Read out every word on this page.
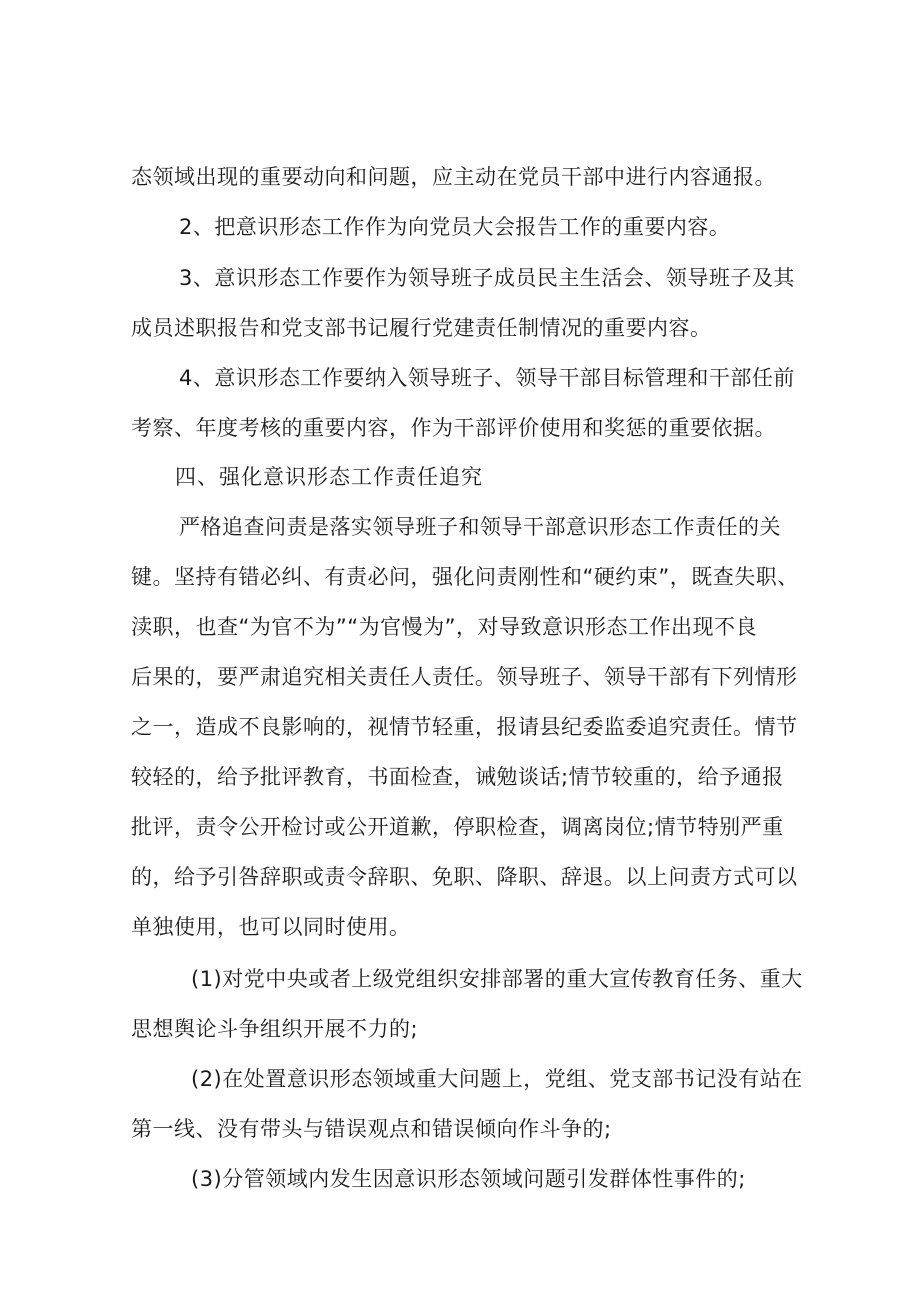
态领域出现的重要动向和问题，应主动在党员干部中进行内容通报。

2、把意识形态工作作为向党员大会报告工作的重要内容。

3、意识形态工作要作为领导班子成员民主生活会、领导班子及其

成员述职报告和党支部书记履行党建责任制情况的重要内容。

4、意识形态工作要纳入领导班子、领导干部目标管理和干部任前

考察、年度考核的重要内容，作为干部评价使用和奖惩的重要依据。

四、强化意识形态工作责任追究

严格追查问责是落实领导班子和领导干部意识形态工作责任的关

键。坚持有错必纠、有责必问，强化问责刚性和“硬约束”，既查失职、

渎职，也查“为官不为”“为官慢为”，对导致意识形态工作出现不良

后果的，要严肃追究相关责任人责任。领导班子、领导干部有下列情形

之一，造成不良影响的，视情节轻重，报请县纪委监委追究责任。情节

较轻的，给予批评教育，书面检查，诫勉谈话;情节较重的，给予通报

批评，责令公开检讨或公开道歉，停职检查，调离岗位;情节特别严重

的，给予引咎辞职或责令辞职、免职、降职、辞退。以上问责方式可以

单独使用，也可以同时使用。

(1)对党中央或者上级党组织安排部署的重大宣传教育任务、重大

思想舆论斗争组织开展不力的;

(2)在处置意识形态领域重大问题上，党组、党支部书记没有站在

第一线、没有带头与错误观点和错误倾向作斗争的;

(3)分管领域内发生因意识形态领域问题引发群体性事件的;
